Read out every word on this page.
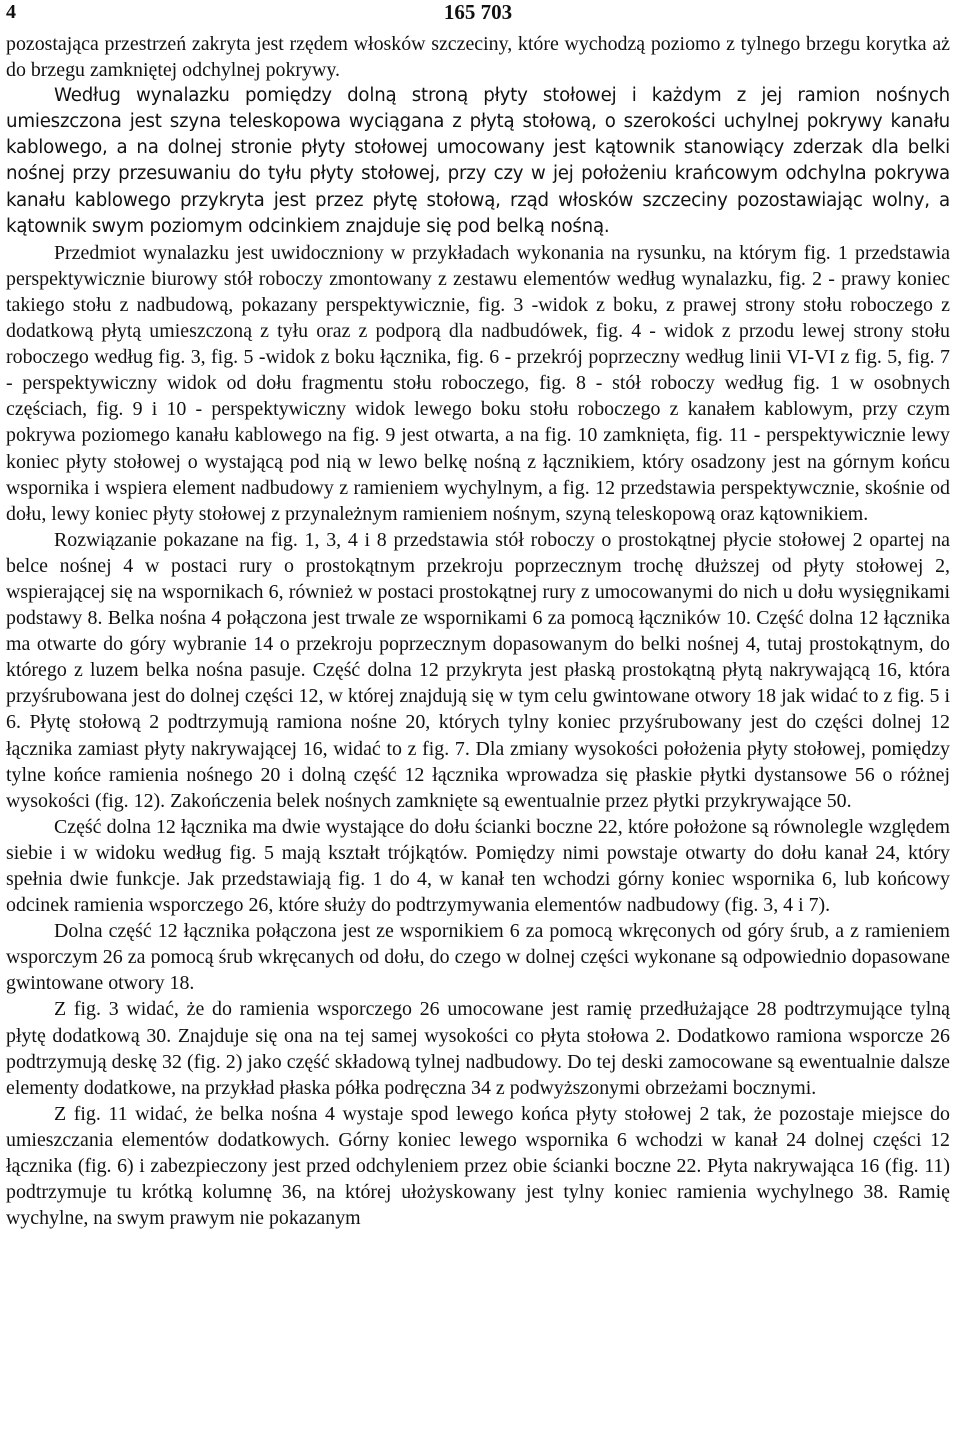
4	165 703

pozostająca przestrzeń zakryta jest rzędem włosków szczeciny, które wychodzą poziomo z tylnego brzegu korytka aż do brzegu zamkniętej odchylnej pokrywy.

Według wynalazku pomiędzy dolną stroną płyty stołowej i każdym z jej ramion nośnych umieszczona jest szyna teleskopowa wyciągana z płytą stołową, o szerokości uchylnej pokrywy kanału kablowego, a na dolnej stronie płyty stołowej umocowany jest kątownik stanowiący zderzak dla belki nośnej przy przesuwaniu do tyłu płyty stołowej, przy czy w jej położeniu krańcowym odchylna pokrywa kanału kablowego przykryta jest przez płytę stołową, rząd włosków szczeciny pozostawiając wolny, a kątownik swym poziomym odcinkiem znajduje się pod belką nośną.

Przedmiot wynalazku jest uwidoczniony w przykładach wykonania na rysunku, na którym fig. 1 przedstawia perspektywicznie biurowy stół roboczy zmontowany z zestawu elementów według wynalazku, fig. 2 - prawy koniec takiego stołu z nadbudową, pokazany perspektywicznie, fig. 3 -widok z boku, z prawej strony stołu roboczego z dodatkową płytą umieszczoną z tyłu oraz z podporą dla nadbudówek, fig. 4 - widok z przodu lewej strony stołu roboczego według fig. 3, fig. 5 -widok z boku łącznika, fig. 6 - przekrój poprzeczny według linii VI-VI z fig. 5, fig. 7 - perspektywiczny widok od dołu fragmentu stołu roboczego, fig. 8 - stół roboczy według fig. 1 w osobnych częściach, fig. 9 i 10 - perspektywiczny widok lewego boku stołu roboczego z kanałem kablowym, przy czym pokrywa poziomego kanału kablowego na fig. 9 jest otwarta, a na fig. 10 zamknięta, fig. 11 - perspektywicznie lewy koniec płyty stołowej o wystającą pod nią w lewo belkę nośną z łącznikiem, który osadzony jest na górnym końcu wspornika i wspiera element nadbudowy z ramieniem wychylnym, a fig. 12 przedstawia perspektywcznie, skośnie od dołu, lewy koniec płyty stołowej z przynależnym ramieniem nośnym, szyną teleskopową oraz kątownikiem.

Rozwiązanie pokazane na fig. 1, 3, 4 i 8 przedstawia stół roboczy o prostokątnej płycie stołowej 2 opartej na belce nośnej 4 w postaci rury o prostokątnym przekroju poprzecznym trochę dłuższej od płyty stołowej 2, wspierającej się na wspornikach 6, również w postaci prostokątnej rury z umocowanymi do nich u dołu wysięgnikami podstawy 8. Belka nośna 4 połączona jest trwale ze wspornikami 6 za pomocą łączników 10. Część dolna 12 łącznika ma otwarte do góry wybranie 14 o przekroju poprzecznym dopasowanym do belki nośnej 4, tutaj prostokątnym, do którego z luzem belka nośna pasuje. Część dolna 12 przykryta jest płaską prostokątną płytą nakrywającą 16, która przyśrubowana jest do dolnej części 12, w której znajdują się w tym celu gwintowane otwory 18 jak widać to z fig. 5 i 6. Płytę stołową 2 podtrzymują ramiona nośne 20, których tylny koniec przyśrubowany jest do części dolnej 12 łącznika zamiast płyty nakrywającej 16, widać to z fig. 7. Dla zmiany wysokości położenia płyty stołowej, pomiędzy tylne końce ramienia nośnego 20 i dolną część 12 łącznika wprowadza się płaskie płytki dystansowe 56 o różnej wysokości (fig. 12). Zakończenia belek nośnych zamknięte są ewentualnie przez płytki przykrywające 50.

Część dolna 12 łącznika ma dwie wystające do dołu ścianki boczne 22, które położone są równolegle względem siebie i w widoku według fig. 5 mają kształt trójkątów. Pomiędzy nimi powstaje otwarty do dołu kanał 24, który spełnia dwie funkcje. Jak przedstawiają fig. 1 do 4, w kanał ten wchodzi górny koniec wspornika 6, lub końcowy odcinek ramienia wsporczego 26, które służy do podtrzymywania elementów nadbudowy (fig. 3, 4 i 7).

Dolna część 12 łącznika połączona jest ze wspornikiem 6 za pomocą wkręconych od góry śrub, a z ramieniem wsporczym 26 za pomocą śrub wkręcanych od dołu, do czego w dolnej części wykonane są odpowiednio dopasowane gwintowane otwory 18.

Z fig. 3 widać, że do ramienia wsporczego 26 umocowane jest ramię przedłużające 28 podtrzymujące tylną płytę dodatkową 30. Znajduje się ona na tej samej wysokości co płyta stołowa 2. Dodatkowo ramiona wsporcze 26 podtrzymują deskę 32 (fig. 2) jako część składową tylnej nadbudowy. Do tej deski zamocowane są ewentualnie dalsze elementy dodatkowe, na przykład płaska półka podręczna 34 z podwyższonymi obrzeżami bocznymi.

Z fig. 11 widać, że belka nośna 4 wystaje spod lewego końca płyty stołowej 2 tak, że pozostaje miejsce do umieszczania elementów dodatkowych. Górny koniec lewego wspornika 6 wchodzi w kanał 24 dolnej części 12 łącznika (fig. 6) i zabezpieczony jest przed odchyleniem przez obie ścianki boczne 22. Płyta nakrywająca 16 (fig. 11) podtrzymuje tu krótką kolumnę 36, na której ułożyskowany jest tylny koniec ramienia wychylnego 38. Ramię wychylne, na swym prawym nie pokazanym
